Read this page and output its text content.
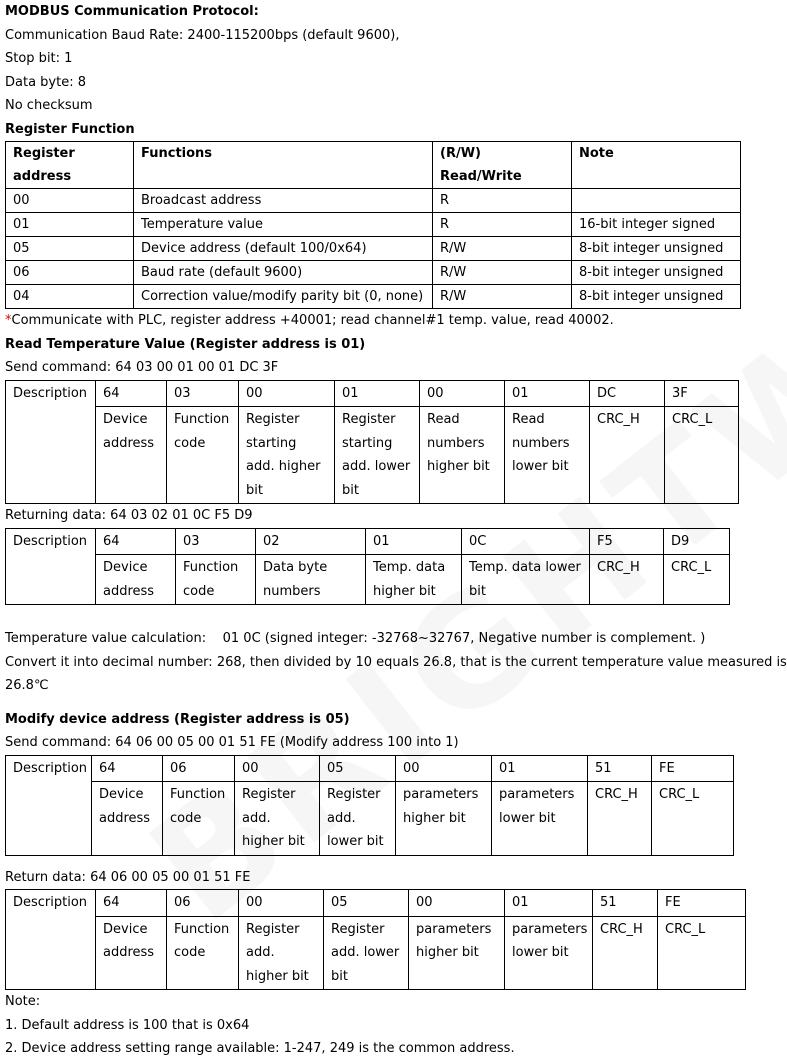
MODBUS Communication Protocol:
Communication Baud Rate: 2400-115200bps (default 9600),
Stop bit: 1
Data byte: 8
No checksum
Register Function
Register address	Functions	(R/W) Read/Write	Note
00	Broadcast address	R	
01	Temperature value	R	16-bit integer signed
05	Device address (default 100/0x64)	R/W	8-bit integer unsigned
06	Baud rate (default 9600)	R/W	8-bit integer unsigned
04	Correction value/modify parity bit (0, none)	R/W	8-bit integer unsigned
*Communicate with PLC, register address +40001; read channel#1 temp. value, read 40002.
Read Temperature Value (Register address is 01)
Send command: 64 03 00 01 00 01 DC 3F
Description	64	03	00	01	00	01	DC	3F
	Device address	Function code	Register starting add. higher bit	Register starting add. lower bit	Read numbers higher bit	Read numbers lower bit	CRC_H	CRC_L
Returning data: 64 03 02 01 0C F5 D9
Description	64	03	02	01	0C	F5	D9
	Device address	Function code	Data byte numbers	Temp. data higher bit	Temp. data lower bit	CRC_H	CRC_L
Temperature value calculation:    01 0C (signed integer: -32768~32767, Negative number is complement. )
Convert it into decimal number: 268, then divided by 10 equals 26.8, that is the current temperature value measured is
26.8℃
Modify device address (Register address is 05)
Send command: 64 06 00 05 00 01 51 FE (Modify address 100 into 1)
Description	64	06	00	05	00	01	51	FE
	Device address	Function code	Register add. higher bit	Register add. lower bit	parameters higher bit	parameters lower bit	CRC_H	CRC_L
Return data: 64 06 00 05 00 01 51 FE
Description	64	06	00	05	00	01	51	FE
	Device address	Function code	Register add. higher bit	Register add. lower bit	parameters higher bit	parameters lower bit	CRC_H	CRC_L
Note:
1. Default address is 100 that is 0x64
2. Device address setting range available: 1-247, 249 is the common address.
